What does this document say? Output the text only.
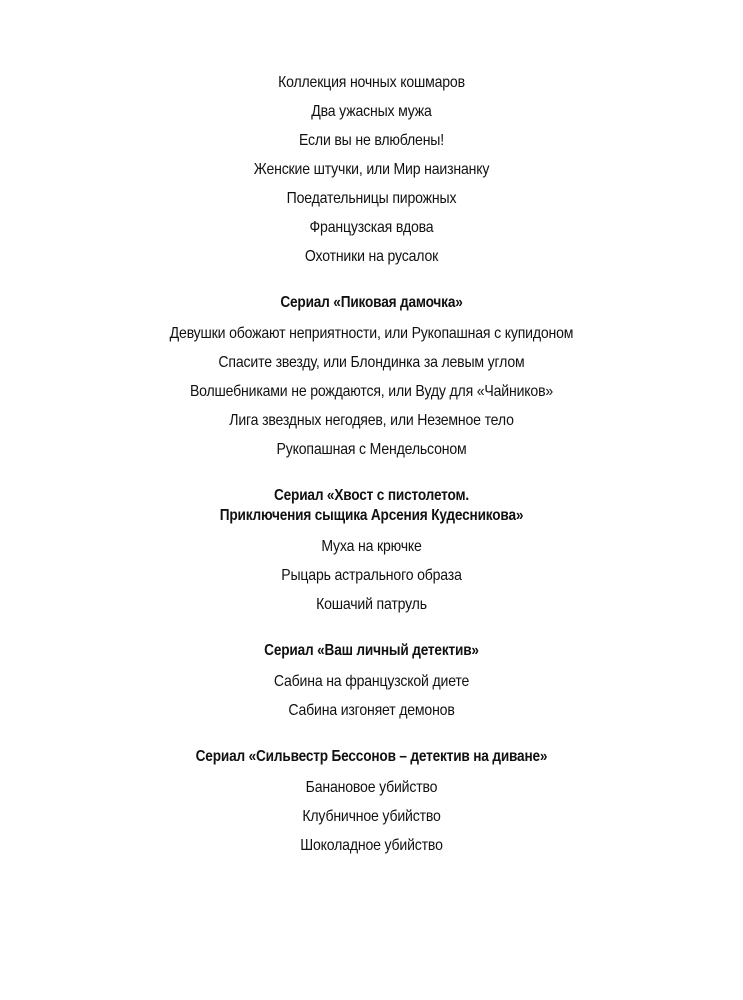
Коллекция ночных кошмаров
Два ужасных мужа
Если вы не влюблены!
Женские штучки, или Мир наизнанку
Поедательницы пирожных
Французская вдова
Охотники на русалок
Сериал «Пиковая дамочка»
Девушки обожают неприятности, или Рукопашная с купидоном
Спасите звезду, или Блондинка за левым углом
Волшебниками не рождаются, или Вуду для «Чайников»
Лига звездных негодяев, или Неземное тело
Рукопашная с Мендельсоном
Сериал «Хвост с пистолетом.
Приключения сыщика Арсения Кудесникова»
Муха на крючке
Рыцарь астрального образа
Кошачий патруль
Сериал «Ваш личный детектив»
Сабина на французской диете
Сабина изгоняет демонов
Сериал «Сильвестр Бессонов – детектив на диване»
Банановое убийство
Клубничное убийство
Шоколадное убийство
